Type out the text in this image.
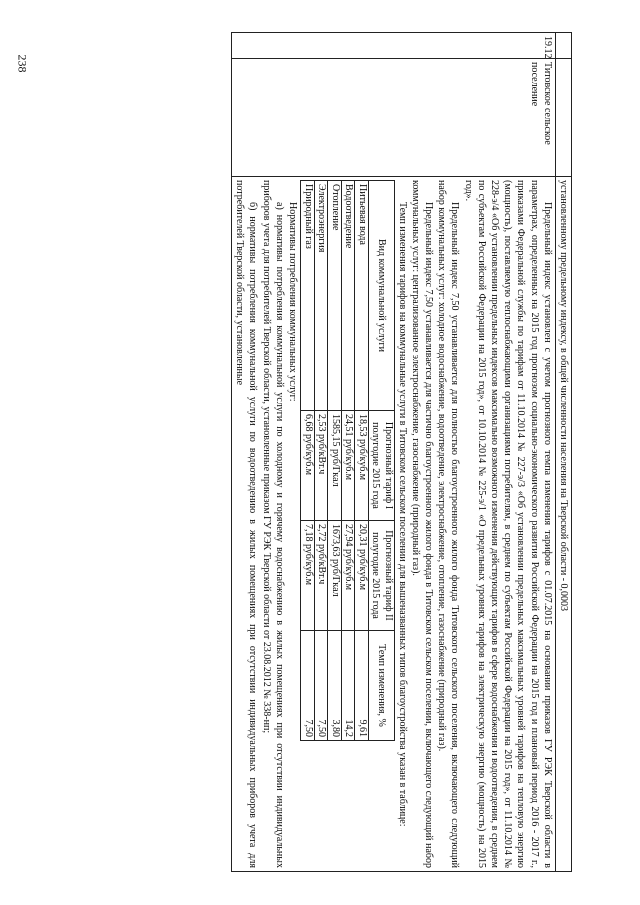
238
		установленному предельному индексу, в общей численности населения на Тверской области - 0,0003
19.12	Титовское сельское поселение	

Предельный индекс установлен с учетом прогнозного темпа изменения тарифов с 01.07.2015 на основании приказов ГУ РЭК Тверской области в параметрах, определенных на 2015 год прогнозом социально-экономического развития Российской Федерации на 2015 год и плановый период 2016 - 2017 г., приказами Федеральной службы по тарифам от 11.10.2014 № 227-э/3 «Об установлении предельных максимальных уровней тарифов на тепловую энергию (мощность), поставляемую теплоснабжающими организациями потребителям, в среднем по субъектам Российской Федерации на 2015 год», от 11.10.2014 № 228-э/4 «Об установлении предельных индексов максимально возможного изменения действующих тарифов в сфере водоснабжения и водоотведения, в среднем по субъектам Российской Федерации на 2015 год», от 10.10.2014 № 225-э/1 «О предельных уровнях тарифов на электрическую энергию (мощность) на 2015 год».

Предельный индекс 7,50 устанавливается для полностью благоустроенного жилого фонда Титовского сельского поселения, включающего следующий набор коммунальных услуг: холодное водоснабжение, водоотведение, электроснабжение, отопление, газоснабжение (природный газ).

Предельный индекс 7,50 устанавливается для частично благоустроенного жилого фонда в Титовском сельском поселении, включающего следующий набор коммунальных услуг: централизованное электроснабжение, газоснабжение (природный газ).

Темп изменения тарифов на коммунальные услуги в Титовском сельском поселении для вышеназванных типов благоустройства указан в таблице:

Вид коммунальной услуги	Прогнозный тариф I полугодие 2015 года	Прогнозный тариф II полугодие 2015 года	Темп изменения, %
Питьевая вода	18,53 руб/куб.м	20,31 руб/куб.м	9,61
Водоотведение	24,51 руб/куб.м	27,94 руб/куб.м	14,2
Отопление	1585,15 руб/Гкал	1673,63 руб/Гкал	3,80
Электроэнергия	2,53 руб/кВт.ч	2,72 руб/кВт.ч	7,50
Природный газ	6,68 руб/куб.м	7,18 руб/куб.м	7,50

Нормативы потребления коммунальных услуг:

а) нормативы потребления коммунальной услуги по холодному и горячему водоснабжению в жилых помещениях при отсутствии индивидуальных приборов учета для потребителей Тверской области, установленные приказом ГУ РЭК Тверской области от 23.08.2012 № 338-нп;

б) нормативы потребления коммунальной услуги по водоотведению в жилых помещениях при отсутствии индивидуальных приборов учета для потребителей Тверской области, установленные
